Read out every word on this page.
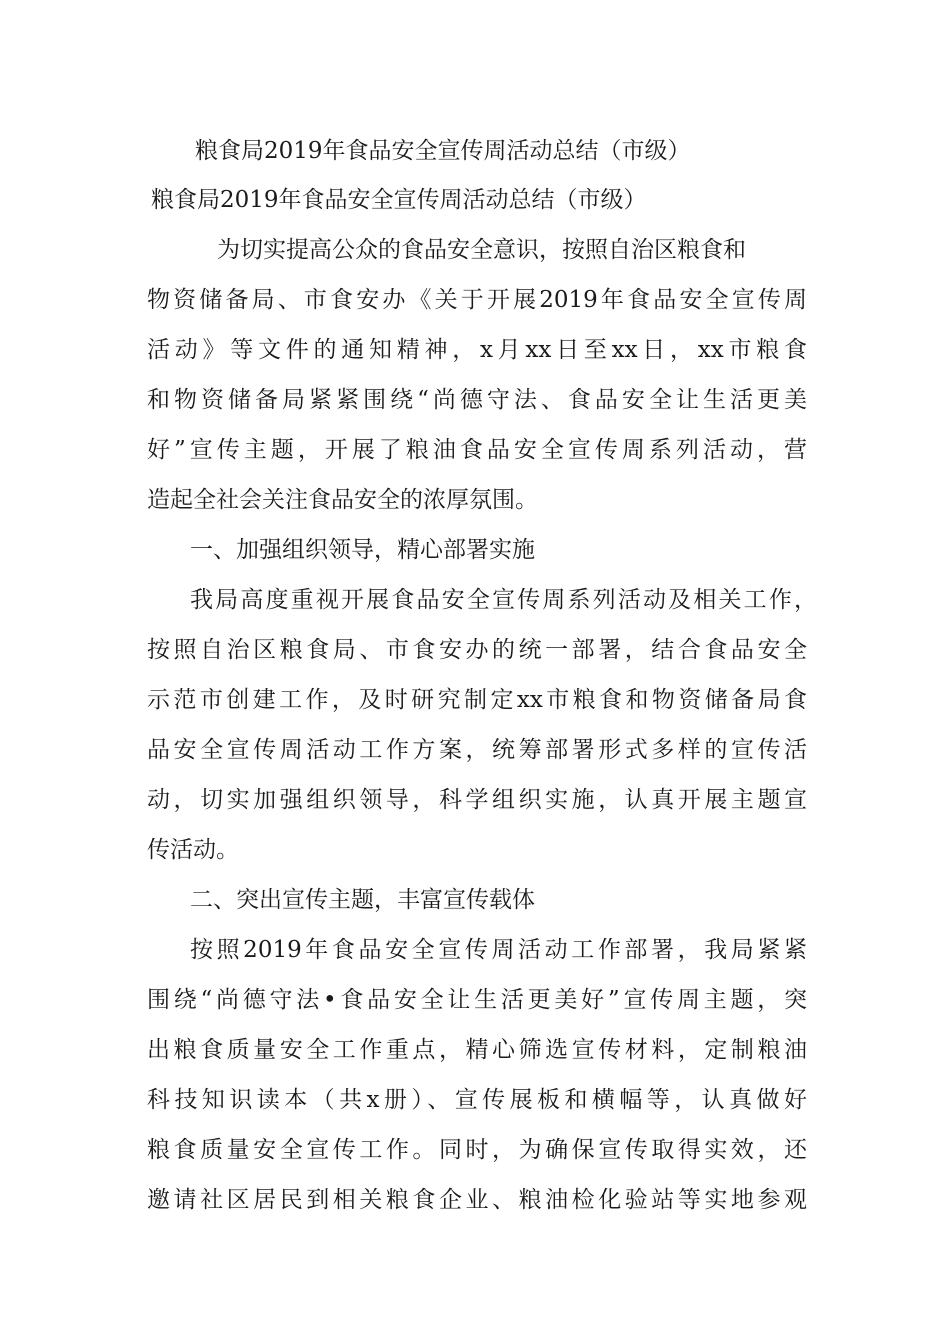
粮食局2019年食品安全宣传周活动总结（市级）

粮食局2019年食品安全宣传周活动总结（市级）

为切实提高公众的食品安全意识，按照自治区粮食和

物资储备局、市食安办《关于开展2019年食品安全宣传周

活动》等文件的通知精神，x月xx日至xx日，xx市粮食

和物资储备局紧紧围绕“尚德守法、食品安全让生活更美

好”宣传主题，开展了粮油食品安全宣传周系列活动，营

造起全社会关注食品安全的浓厚氛围。

一、加强组织领导，精心部署实施

我局高度重视开展食品安全宣传周系列活动及相关工作，

按照自治区粮食局、市食安办的统一部署，结合食品安全

示范市创建工作，及时研究制定xx市粮食和物资储备局食

品安全宣传周活动工作方案，统筹部署形式多样的宣传活

动，切实加强组织领导，科学组织实施，认真开展主题宣

传活动。

二、突出宣传主题，丰富宣传载体

按照2019年食品安全宣传周活动工作部署，我局紧紧

围绕“尚德守法•食品安全让生活更美好”宣传周主题，突

出粮食质量安全工作重点，精心筛选宣传材料，定制粮油

科技知识读本（共x册）、宣传展板和横幅等，认真做好

粮食质量安全宣传工作。同时，为确保宣传取得实效，还

邀请社区居民到相关粮食企业、粮油检化验站等实地参观
